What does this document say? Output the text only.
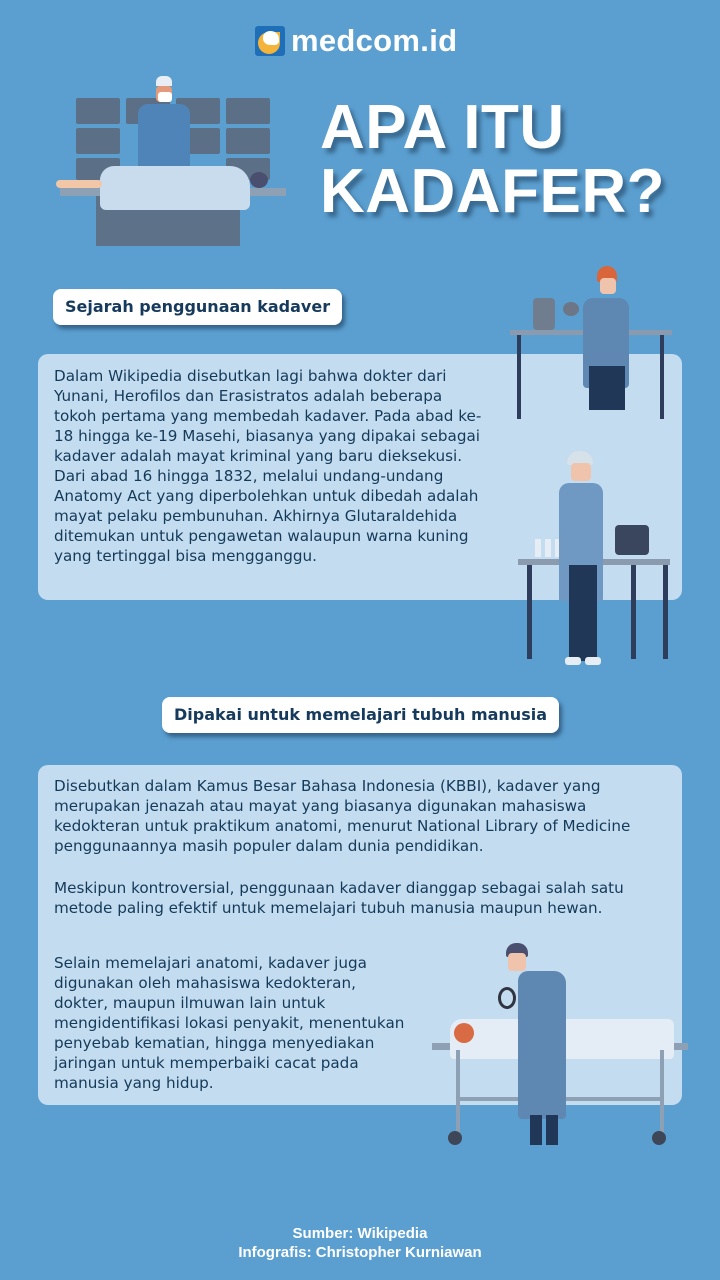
medcom.id
APA ITU
KADAFER?
Sejarah penggunaan kadaver
Dalam Wikipedia disebutkan lagi bahwa dokter dari Yunani, Herofilos dan Erasistratos adalah beberapa tokoh pertama yang membedah kadaver. Pada abad ke-18 hingga ke-19 Masehi, biasanya yang dipakai sebagai kadaver adalah mayat kriminal yang baru dieksekusi. Dari abad 16 hingga 1832, melalui undang-undang Anatomy Act yang diperbolehkan untuk dibedah adalah mayat pelaku pembunuhan. Akhirnya Glutaraldehida ditemukan untuk pengawetan walaupun warna kuning yang tertinggal bisa mengganggu.
Dipakai untuk memelajari tubuh manusia
Disebutkan dalam Kamus Besar Bahasa Indonesia (KBBI), kadaver yang merupakan jenazah atau mayat yang biasanya digunakan mahasiswa kedokteran untuk praktikum anatomi, menurut National Library of Medicine penggunaannya masih populer dalam dunia pendidikan.
Meskipun kontroversial, penggunaan kadaver dianggap sebagai salah satu metode paling efektif untuk memelajari tubuh manusia maupun hewan.
Selain memelajari anatomi, kadaver juga digunakan oleh mahasiswa kedokteran, dokter, maupun ilmuwan lain untuk mengidentifikasi lokasi penyakit, menentukan penyebab kematian, hingga menyediakan jaringan untuk memperbaiki cacat pada manusia yang hidup.
Sumber: Wikipedia
Infografis: Christopher Kurniawan
